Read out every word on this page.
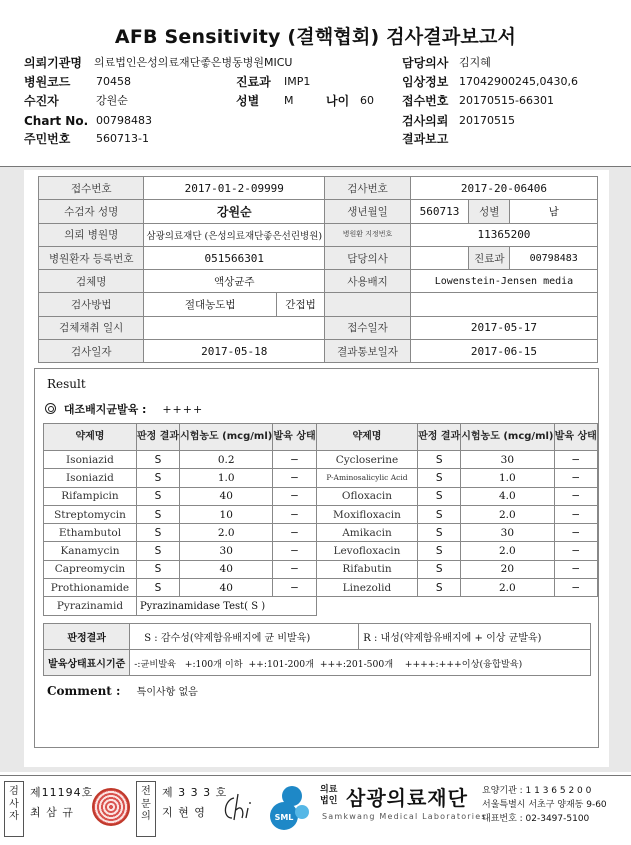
AFB Sensitivity (결핵협회) 검사결과보고서
의뢰기관명 의료법인은성의료재단좋은병동병원MICU	담당의사 김지혜
병원코드 70458	진료과 IMP1	임상정보 17042900245,0430,6
수진자	강원순	성별 M	나이 60 접수번호 20170515-66301
Chart No. 00798483	검사의뢰 20170515
주민번호 560713-1	결과보고
접수번호	2017-01-2-09999		검사번호	2017-20-06406		
수검자 성명	강원순		생년월일	560713	성별	남
의뢰 병원명	삼광의료재단 (은성의료재단좋은선린병원)		병원환 지정번호	11365200		
병원환자 등록번호	051566301		담당의사		진료과	00798483
검체명	액상균주		사용배지	Lowenstein-Jensen media		
검사방법	절대농도법	간접법				
검체채취 일시			접수일자	2017-05-17		
검사일자	2017-05-18		결과통보일자	2017-06-15		
Result
대조배지균발육 : ++++
약제명	판정 결과	시험농도 (mcg/ml)	발육 상태	약제명	판정 결과	시험농도 (mcg/ml)	발육 상태
Isoniazid	S	0.2	−	Cycloserine	S	30	−
Isoniazid	S	1.0	−	P-Aminosalicylic Acid	S	1.0	−
Rifampicin	S	40	−	Ofloxacin	S	4.0	−
Streptomycin	S	10	−	Moxifloxacin	S	2.0	−
Ethambutol	S	2.0	−	Amikacin	S	30	−
Kanamycin	S	30	−	Levofloxacin	S	2.0	−
Capreomycin	S	40	−	Rifabutin	S	20	−
Prothionamide	S	40	−	Linezolid	S	2.0	−
Pyrazinamid	Pyrazinamidase Test( S )						
판정결과	S : 감수성(약제함유배지에 균 비발육)	R : 내성(약제함유배지에 + 이상 균발육)
발육상태표시기준	-:균비발육   +:100개 이하  ++:101-200개  +++:201-500개    ++++:+++이상(융합발육)	
Comment : 특이사항 없음
검사자
제11194호
최 삼 규
전문의
제 3 3 3 호
지 현 영	SML
의료 법인 삼광의료재단
Samkwang Medical Laboratories
요양기관 : 1 1 3 6 5 2 0 0
서울특별시 서초구 양재동 9-60
대표번호 : 02-3497-5100
